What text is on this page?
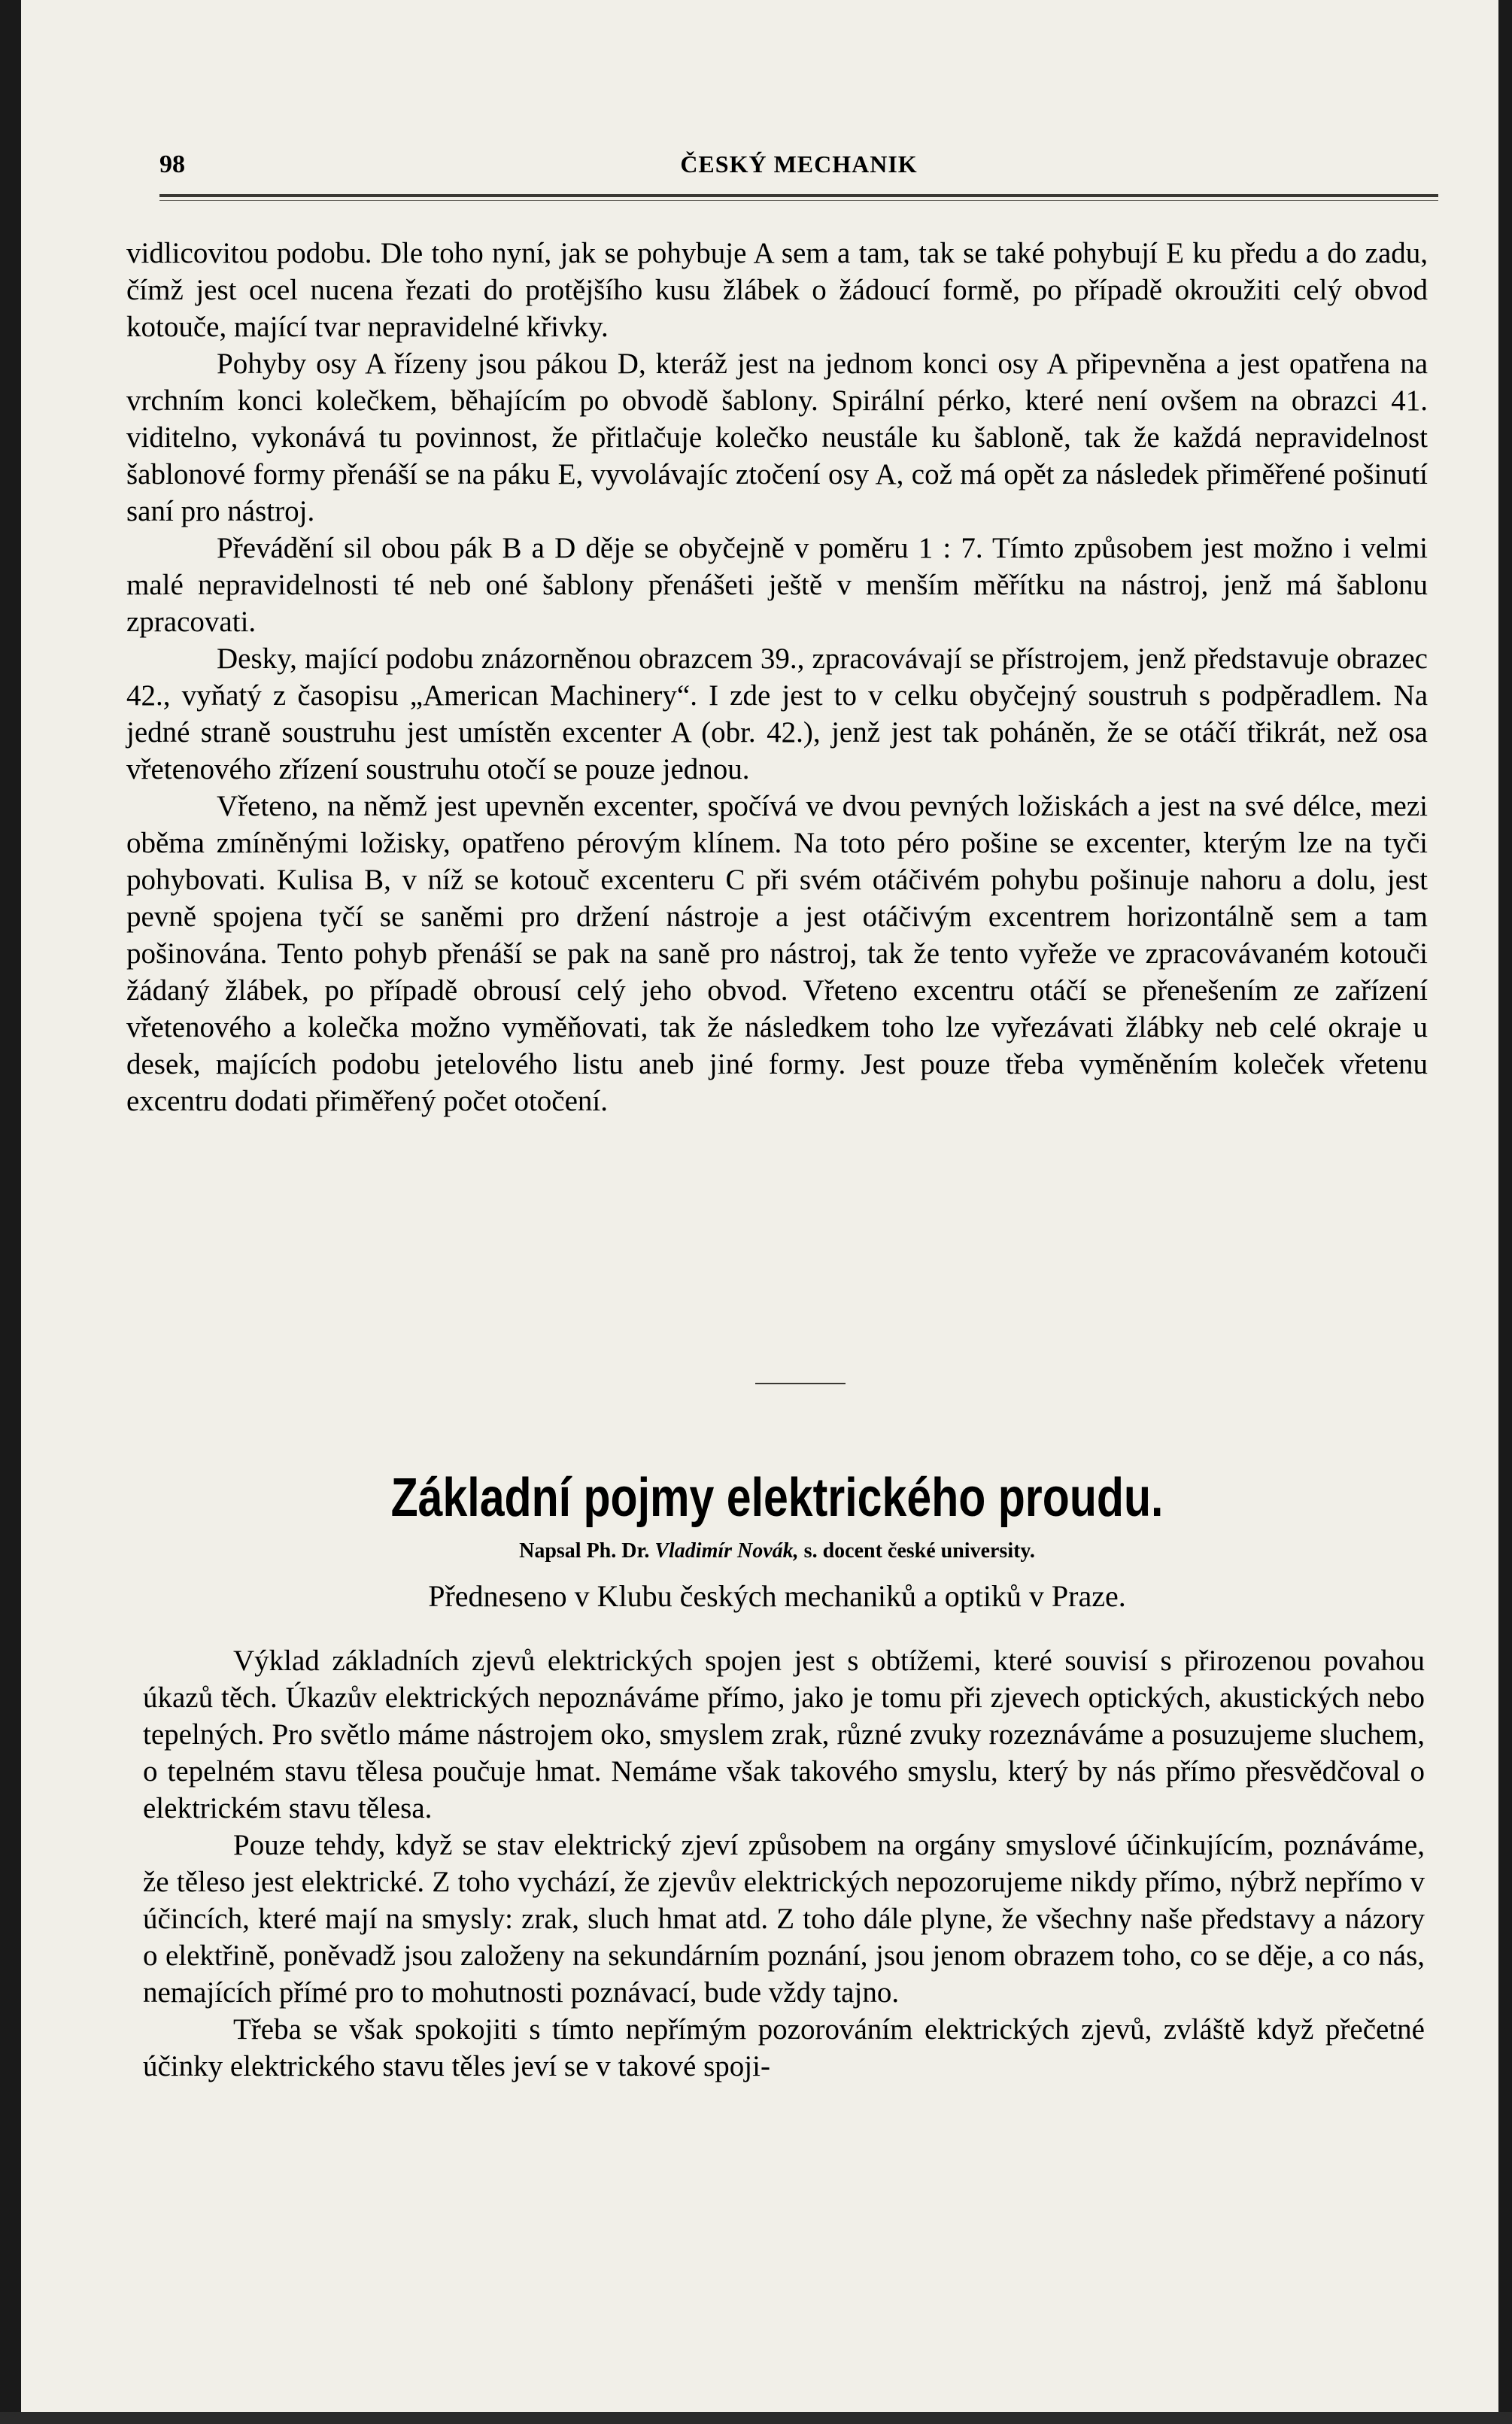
98	ČESKÝ MECHANIK

vidlicovitou podobu. Dle toho nyní, jak se pohybuje A sem a tam, tak se také pohybují E ku předu a do zadu, čímž jest ocel nucena řezati do protějšího kusu žlábek o žádoucí formě, po případě okroužiti celý obvod kotouče, mající tvar nepravidelné křivky.

Pohyby osy A řízeny jsou pákou D, kteráž jest na jednom konci osy A připevněna a jest opatřena na vrchním konci kolečkem, běhajícím po obvodě šablony. Spirální pérko, které není ovšem na obrazci 41. viditelno, vykonává tu povinnost, že přitlačuje kolečko neustále ku šabloně, tak že každá nepravidelnost šablonové formy přenáší se na páku E, vyvolávajíc ztočení osy A, což má opět za následek přiměřené pošinutí saní pro nástroj.

Převádění sil obou pák B a D děje se obyčejně v poměru 1 : 7. Tímto způsobem jest možno i velmi malé nepravidelnosti té neb oné šablony přenášeti ještě v menším měřítku na nástroj, jenž má šablonu zpracovati.

Desky, mající podobu znázorněnou obrazcem 39., zpracovávají se přístrojem, jenž představuje obrazec 42., vyňatý z časopisu „American Machinery“. I zde jest to v celku obyčejný soustruh s podpěradlem. Na jedné straně soustruhu jest umístěn excenter A (obr. 42.), jenž jest tak poháněn, že se otáčí třikrát, než osa vřetenového zřízení soustruhu otočí se pouze jednou.

Vřeteno, na němž jest upevněn excenter, spočívá ve dvou pevných ložiskách a jest na své délce, mezi oběma zmíněnými ložisky, opatřeno pérovým klínem. Na toto péro pošine se excenter, kterým lze na tyči pohybovati. Kulisa B, v níž se kotouč excenteru C při svém otáčivém pohybu pošinuje nahoru a dolu, jest pevně spojena tyčí se saněmi pro držení nástroje a jest otáčivým excentrem horizontálně sem a tam pošinována. Tento pohyb přenáší se pak na saně pro nástroj, tak že tento vyřeže ve zpracovávaném kotouči žádaný žlábek, po případě obrousí celý jeho obvod. Vřeteno excentru otáčí se přenešením ze zařízení vřetenového a kolečka možno vyměňovati, tak že následkem toho lze vyřezávati žlábky neb celé okraje u desek, majících podobu jetelového listu aneb jiné formy. Jest pouze třeba vyměněním koleček vřetenu excentru dodati přiměřený počet otočení.

Základní pojmy elektrického proudu.
Napsal Ph. Dr. Vladimír Novák, s. docent české university.
Předneseno v Klubu českých mechaniků a optiků v Praze.

Výklad základních zjevů elektrických spojen jest s obtížemi, které souvisí s přirozenou povahou úkazů těch. Úkazův elektrických nepoznáváme přímo, jako je tomu při zjevech optických, akustických nebo tepelných. Pro světlo máme nástrojem oko, smyslem zrak, různé zvuky rozeznáváme a posuzujeme sluchem, o tepelném stavu tělesa poučuje hmat. Nemáme však takového smyslu, který by nás přímo přesvědčoval o elektrickém stavu tělesa.

Pouze tehdy, když se stav elektrický zjeví způsobem na orgány smyslové účinkujícím, poznáváme, že těleso jest elektrické. Z toho vychází, že zjevův elektrických nepozorujeme nikdy přímo, nýbrž nepřímo v účincích, které mají na smysly: zrak, sluch hmat atd. Z toho dále plyne, že všechny naše představy a názory o elektřině, poněvadž jsou založeny na sekundárním poznání, jsou jenom obrazem toho, co se děje, a co nás, nemajících přímé pro to mohutnosti poznávací, bude vždy tajno.

Třeba se však spokojiti s tímto nepřímým pozorováním elektrických zjevů, zvláště když přečetné účinky elektrického stavu těles jeví se v takové spoji-
